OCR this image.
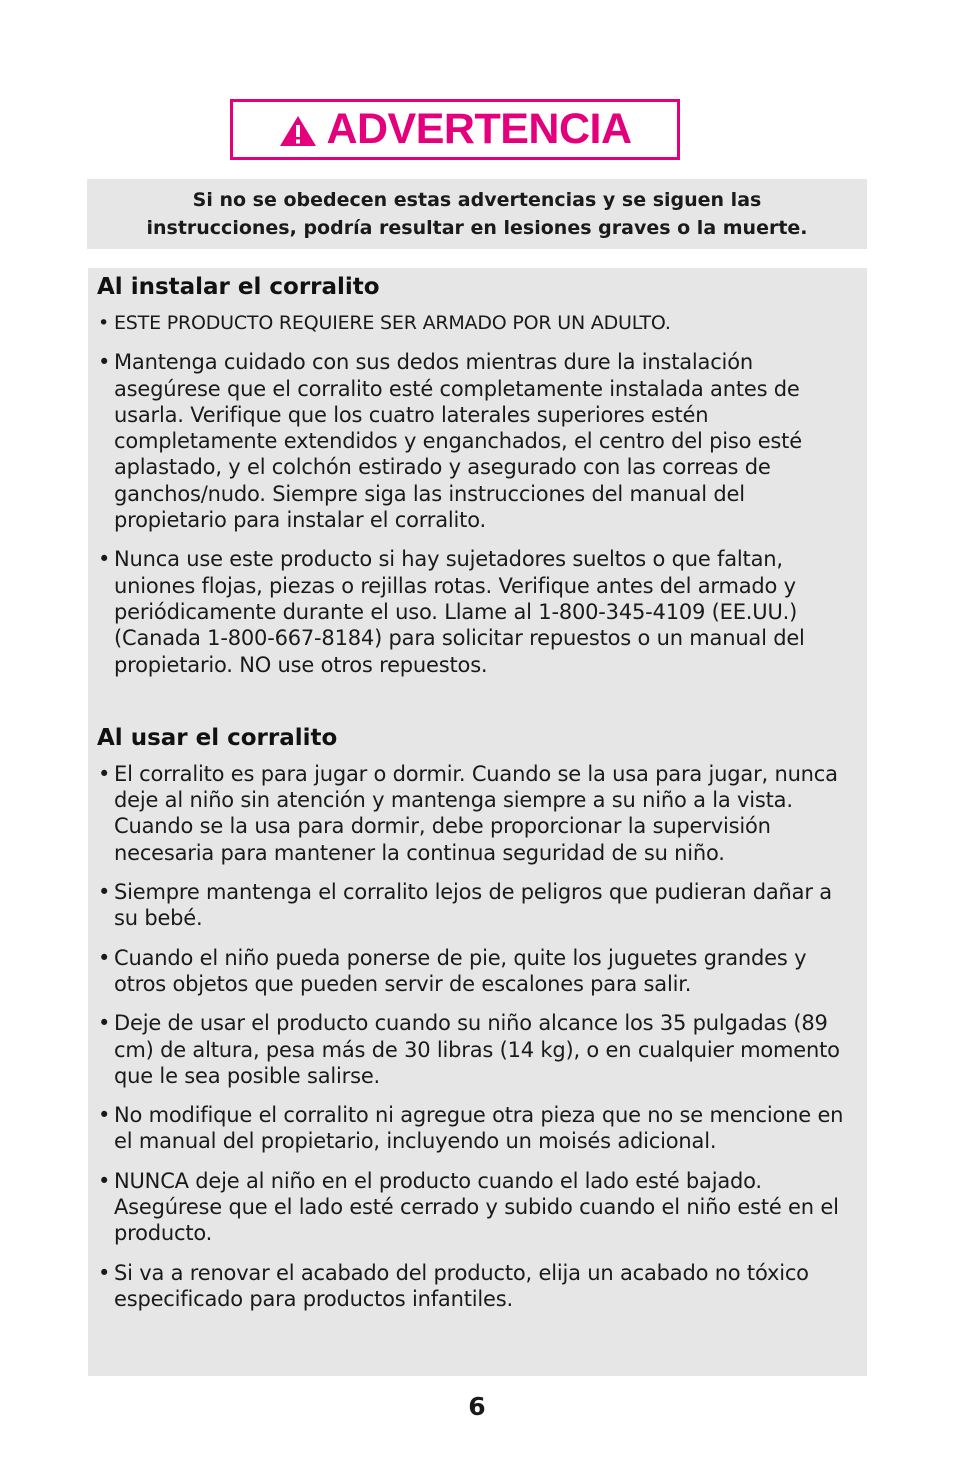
ADVERTENCIA
Si no se obedecen estas advertencias y se siguen las instrucciones, podría resultar en lesiones graves o la muerte.
Al instalar el corralito
• ESTE PRODUCTO REQUIERE SER ARMADO POR UN ADULTO.
• Mantenga cuidado con sus dedos mientras dure la instalación asegúrese que el corralito esté completamente instalada antes de usarla. Verifique que los cuatro laterales superiores estén completamente extendidos y enganchados, el centro del piso esté aplastado, y el colchón estirado y asegurado con las correas de ganchos/nudo. Siempre siga las instrucciones del manual del propietario para instalar el corralito.
• Nunca use este producto si hay sujetadores sueltos o que faltan, uniones flojas, piezas o rejillas rotas. Verifique antes del armado y periódicamente durante el uso. Llame al 1-800-345-4109 (EE.UU.) (Canada 1-800-667-8184) para solicitar repuestos o un manual del propietario. NO use otros repuestos.
Al usar el corralito
• El corralito es para jugar o dormir. Cuando se la usa para jugar, nunca deje al niño sin atención y mantenga siempre a su niño a la vista. Cuando se la usa para dormir, debe proporcionar la supervisión necesaria para mantener la continua seguridad de su niño.
• Siempre mantenga el corralito lejos de peligros que pudieran dañar a su bebé.
• Cuando el niño pueda ponerse de pie, quite los juguetes grandes y otros objetos que pueden servir de escalones para salir.
• Deje de usar el producto cuando su niño alcance los 35 pulgadas (89 cm) de altura, pesa más de 30 libras (14 kg), o en cualquier momento que le sea posible salirse.
• No modifique el corralito ni agregue otra pieza que no se mencione en el manual del propietario, incluyendo un moisés adicional.
• NUNCA deje al niño en el producto cuando el lado esté bajado. Asegúrese que el lado esté cerrado y subido cuando el niño esté en el producto.
• Si va a renovar el acabado del producto, elija un acabado no tóxico especificado para productos infantiles.
6
